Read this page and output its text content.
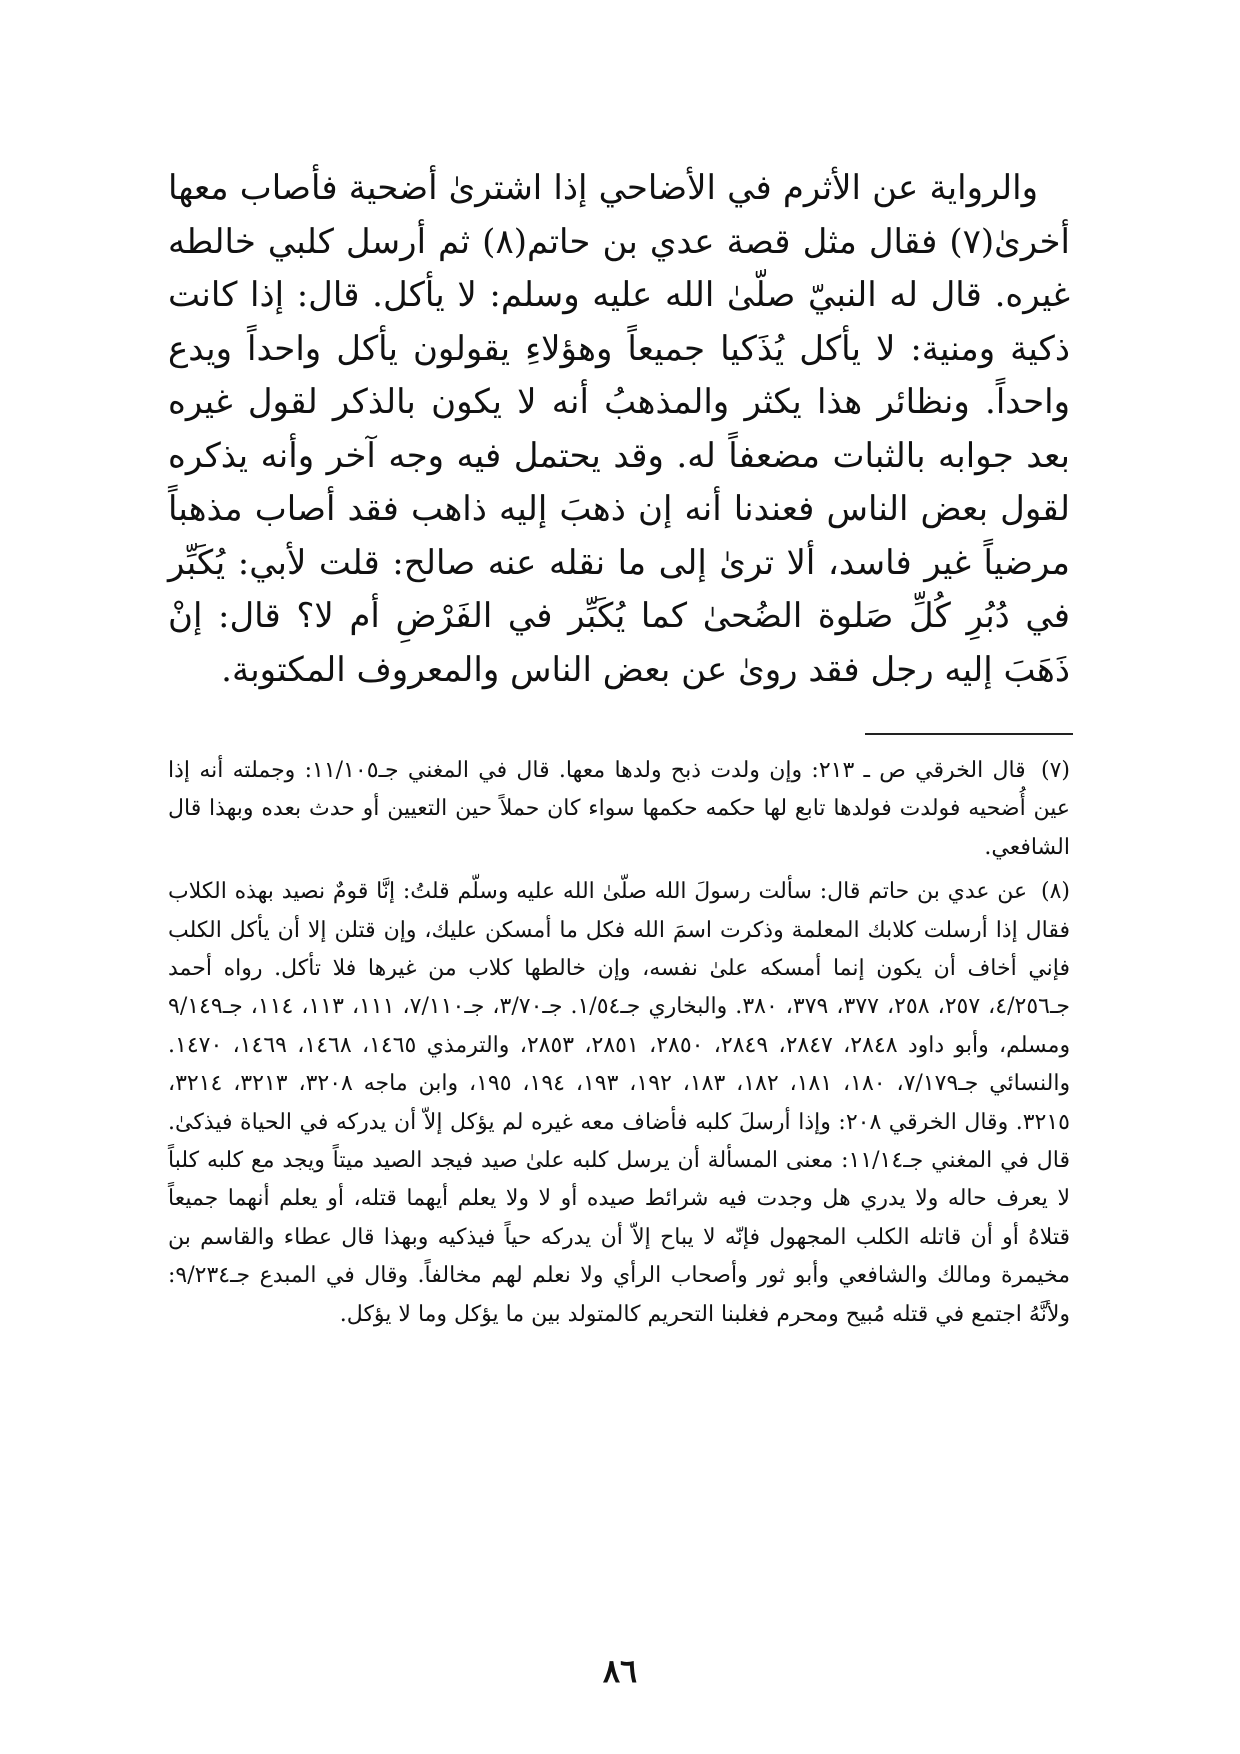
والرواية عن الأثرم في الأضاحي إذا اشترىٰ أضحية فأصاب معها أخرىٰ(٧) فقال مثل قصة عدي بن حاتم(٨) ثم أرسل كلبي خالطه غيره. قال له النبيّ صلّىٰ الله عليه وسلم: لا يأكل. قال: إذا كانت ذكية ومنية: لا يأكل يُذَكيا جميعاً وهؤلاءِ يقولون يأكل واحداً ويدع واحداً. ونظائر هذا يكثر والمذهبُ أنه لا يكون بالذكر لقول غيره بعد جوابه بالثبات مضعفاً له. وقد يحتمل فيه وجه آخر وأنه يذكره لقول بعض الناس فعندنا أنه إن ذهبَ إليه ذاهب فقد أصاب مذهباً مرضياً غير فاسد، ألا ترىٰ إلى ما نقله عنه صالح: قلت لأبي: يُكَبِّر في دُبُرِ كُلِّ صَلوة الضُحىٰ كما يُكَبِّر في الفَرْضِ أم لا؟ قال: إنْ ذَهَبَ إليه رجل فقد روىٰ عن بعض الناس والمعروف المكتوبة.

(٧) قال الخرقي ص ـ ٢١٣: وإن ولدت ذبح ولدها معها. قال في المغني جـ١١/١٠٥: وجملته أنه إذا عين أُضحيه فولدت فولدها تابع لها حكمه حكمها سواء كان حملاً حين التعيين أو حدث بعده وبهذا قال الشافعي.

(٨) عن عدي بن حاتم قال: سألت رسولَ الله صلّىٰ الله عليه وسلّم قلتُ: إنَّا قومٌ نصيد بهذه الكلاب فقال إذا أرسلت كلابك المعلمة وذكرت اسمَ الله فكل ما أمسكن عليك، وإن قتلن إلا أن يأكل الكلب فإني أخاف أن يكون إنما أمسكه علىٰ نفسه، وإن خالطها كلاب من غيرها فلا تأكل. رواه أحمد جـ٤/٢٥٦، ٢٥٧، ٢٥٨، ٣٧٧، ٣٧٩، ٣٨٠. والبخاري جـ١/٥٤. جـ٣/٧٠، جـ٧/١١٠، ١١١، ١١٣، ١١٤، جـ٩/١٤٩ ومسلم، وأبو داود ٢٨٤٨، ٢٨٤٧، ٢٨٤٩، ٢٨٥٠، ٢٨٥١، ٢٨٥٣، والترمذي ١٤٦٥، ١٤٦٨، ١٤٦٩، ١٤٧٠. والنسائي جـ٧/١٧٩، ١٨٠، ١٨١، ١٨٢، ١٨٣، ١٩٢، ١٩٣، ١٩٤، ١٩٥، وابن ماجه ٣٢٠٨، ٣٢١٣، ٣٢١٤، ٣٢١٥. وقال الخرقي ٢٠٨: وإذا أرسلَ كلبه فأضاف معه غيره لم يؤكل إلاّ أن يدركه في الحياة فيذكىٰ. قال في المغني جـ١١/١٤: معنى المسألة أن يرسل كلبه علىٰ صيد فيجد الصيد ميتاً ويجد مع كلبه كلباً لا يعرف حاله ولا يدري هل وجدت فيه شرائط صيده أو لا ولا يعلم أيهما قتله، أو يعلم أنهما جميعاً قتلاهُ أو أن قاتله الكلب المجهول فإنّه لا يباح إلاّ أن يدركه حياً فيذكيه وبهذا قال عطاء والقاسم بن مخيمرة ومالك والشافعي وأبو ثور وأصحاب الرأي ولا نعلم لهم مخالفاً. وقال في المبدع جـ٩/٢٣٤: ولأنَّهُ اجتمع في قتله مُبيح ومحرم فغلبنا التحريم كالمتولد بين ما يؤكل وما لا يؤكل.

٨٦
